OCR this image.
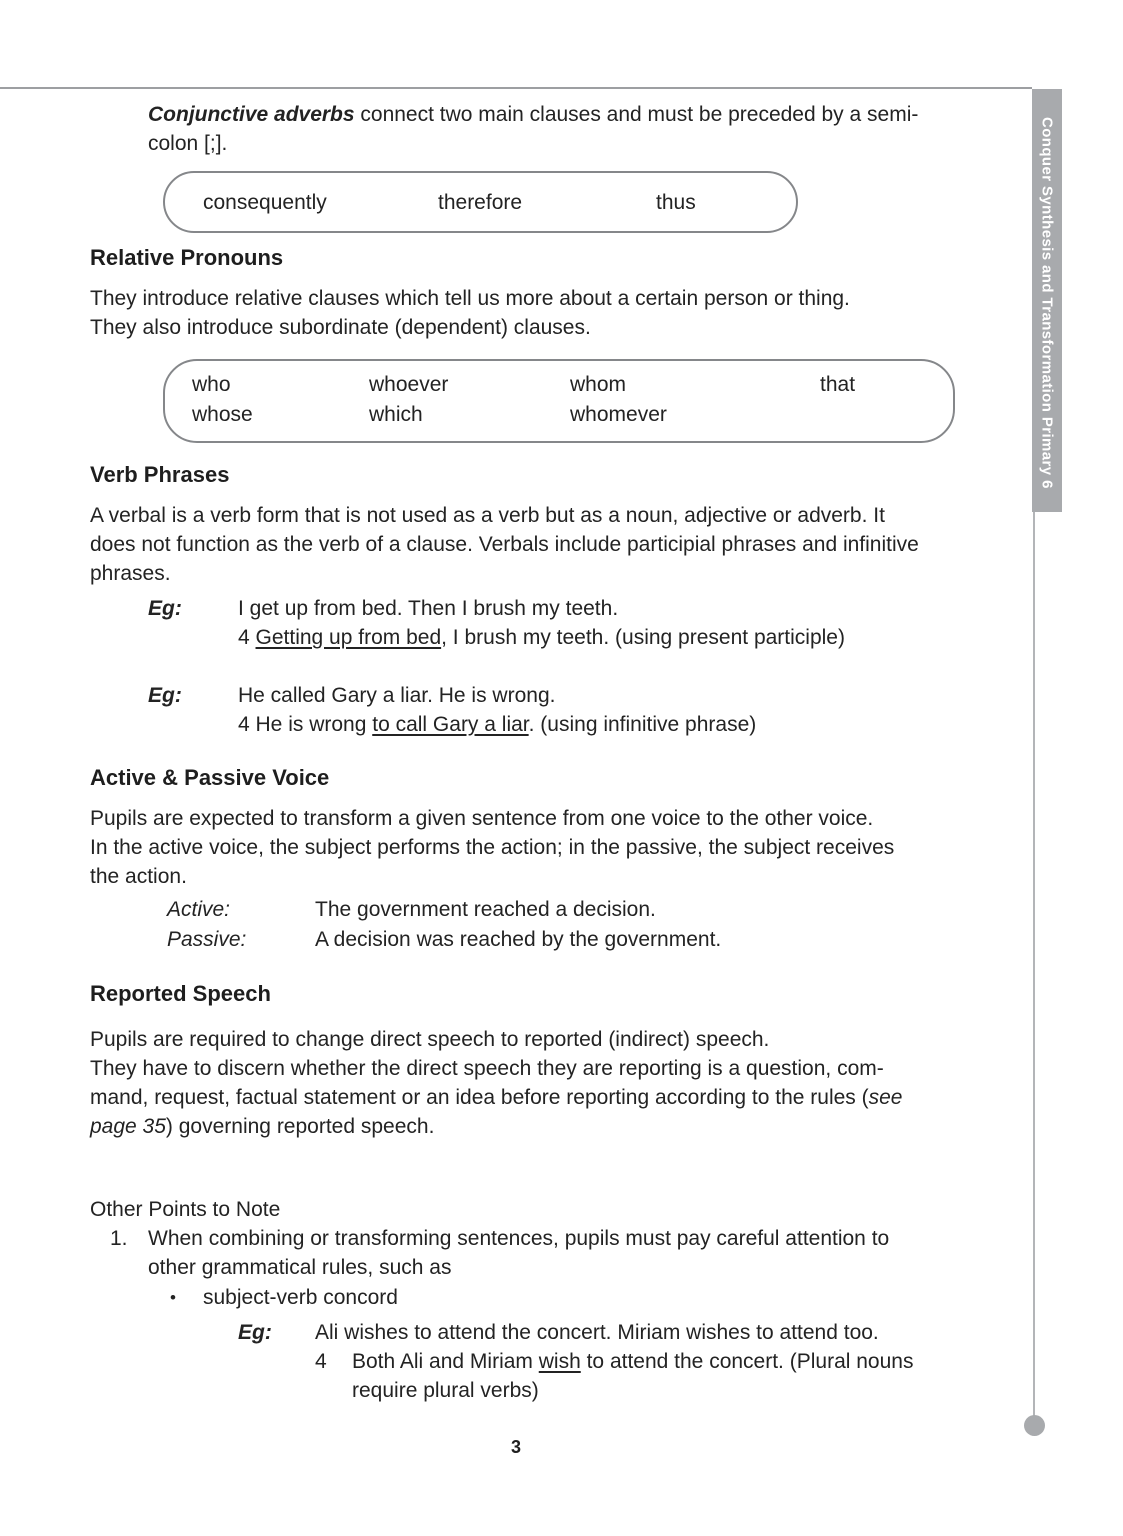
Conquer Synthesis and Transformation Primary 6
Conjunctive adverbs connect two main clauses and must be preceded by a semi-
colon [;].
consequently	therefore	thus
Relative Pronouns
They introduce relative clauses which tell us more about a certain person or thing.
They also introduce subordinate (dependent) clauses.
who	whoever	whom	that
whose	which	whomever
Verb Phrases
A verbal is a verb form that is not used as a verb but as a noun, adjective or adverb. It
does not function as the verb of a clause. Verbals include participial phrases and infinitive
phrases.
Eg:	I get up from bed. Then I brush my teeth.
4 Getting up from bed, I brush my teeth. (using present participle)
Eg:	He called Gary a liar. He is wrong.
4 He is wrong to call Gary a liar. (using infinitive phrase)
Active & Passive Voice
Pupils are expected to transform a given sentence from one voice to the other voice.
In the active voice, the subject performs the action; in the passive, the subject receives
the action.
Active:	The government reached a decision.
Passive:	A decision was reached by the government.
Reported Speech
Pupils are required to change direct speech to reported (indirect) speech.
They have to discern whether the direct speech they are reporting is a question, com-
mand, request, factual statement or an idea before reporting according to the rules (see
page 35) governing reported speech.
Other Points to Note
1. When combining or transforming sentences, pupils must pay careful attention to
other grammatical rules, such as
•	subject-verb concord
Eg:	Ali wishes to attend the concert. Miriam wishes to attend too.
4	Both Ali and Miriam wish to attend the concert. (Plural nouns
require plural verbs)
3
